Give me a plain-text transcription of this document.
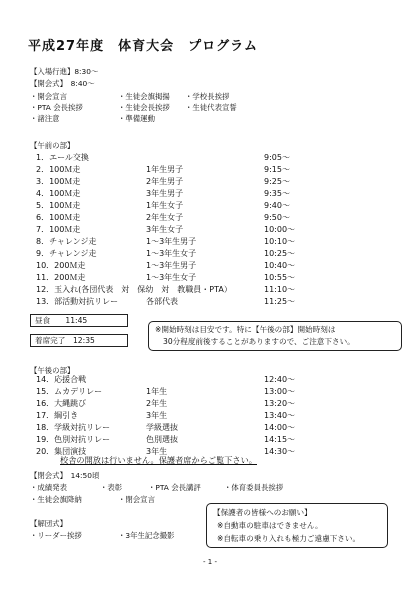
平成27年度　体育大会　プログラム
【入場行進】8:30～
【開会式】　8:40～
・開会宣言	・生徒会旗掲揚 ・学校長挨拶
・PTA 会長挨拶	・生徒会長挨拶 ・生徒代表宣誓
・諸注意	・準備運動
【午前の部】
1．エール交換	9:05～
2．100Ｍ走	1年生男子	9:15～
3．100Ｍ走	2年生男子	9:25～
4．100Ｍ走	3年生男子	9:35～
5．100Ｍ走	1年生女子	9:40～
6．100Ｍ走	2年生女子	9:50～
7．100Ｍ走	3年生女子	10:00～
8．チャレンジ走	1～3年生男子	10:10～
9．チャレンジ走	1～3年生女子	10:25～
10．200Ｍ走	1～3年生男子	10:40～
11．200Ｍ走	1～3年生女子	10:55～
12．玉入れ(各団代表　対　保幼　対　教職員・PTA）	11:10～
13．部活動対抗リレー	各部代表	11:25～
昼食　　11:45
着席完了　12:35
※開始時刻は目安です。特に【午後の部】開始時刻は
30分程度前後することがありますので、ご注意下さい。
【午後の部】
14．応援合戦	12:40～
15．ムカデリレー	1年生	13:00～
16．大縄跳び	2年生	13:20～
17．綱引き	3年生	13:40～
18．学級対抗リレー	学級選抜	14:00～
19．色別対抗リレー	色別選抜	14:15～
20．集団演技	3年生	14:30～
校舎の開放は行いません。保護者席からご覧下さい。
【閉会式】　14:50頃
・成績発表	・表彰	・PTA 会長講評	・体育委員長挨拶
・生徒会旗降納	・閉会宣言
【解団式】
・リーダー挨拶	・3年生記念撮影
【保護者の皆様へのお願い】
※自動車の駐車はできません。
※自転車の乗り入れも極力ご遠慮下さい。
- 1 -
